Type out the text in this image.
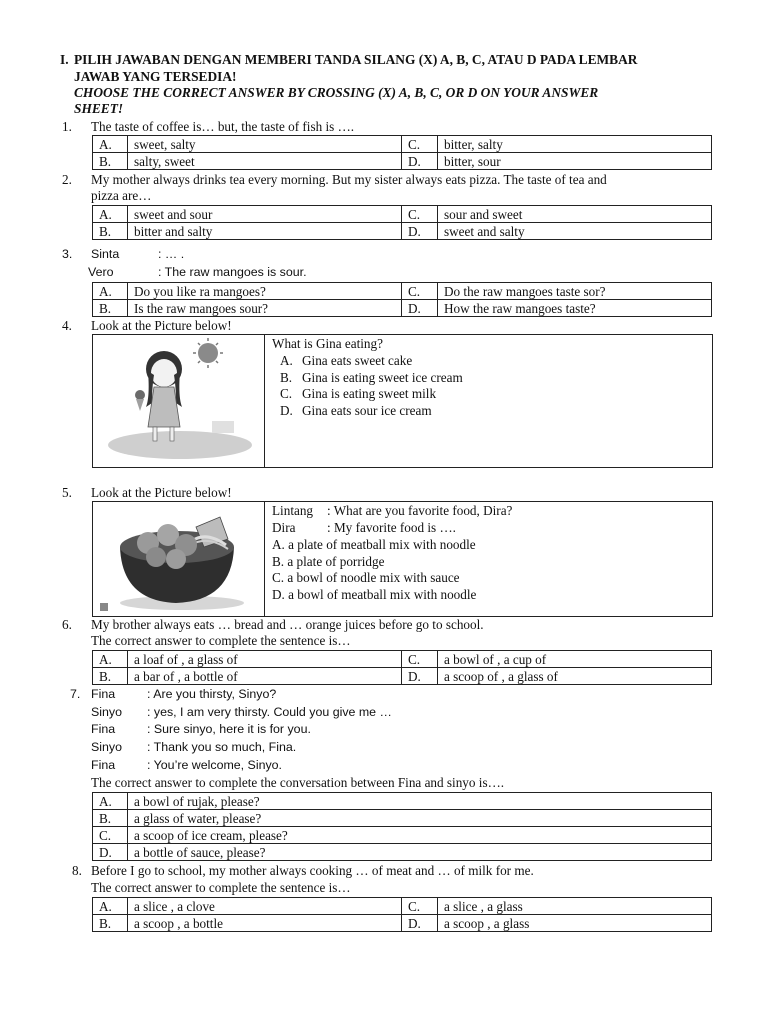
I. PILIH JAWABAN DENGAN MEMBERI TANDA SILANG (X) A, B, C, ATAU D PADA LEMBAR
JAWAB YANG TERSEDIA!
CHOOSE THE CORRECT ANSWER BY CROSSING (X) A, B, C, OR D ON YOUR ANSWER
SHEET!
1. The taste of coffee is… but, the taste of fish is ….
A.	sweet, salty	C.	bitter, salty
B.	salty, sweet	D.	bitter, sour
2. My mother always drinks tea every morning. But my sister always eats pizza. The taste of tea and
pizza are…
A.	sweet and sour	C.	sour and sweet
B.	bitter and salty	D.	sweet and salty
3. Sinta	: … .
Vero	: The raw mangoes is sour.
A.	Do you like ra mangoes?	C.	Do the raw mangoes taste sor?
B.	Is the raw mangoes sour?	D.	How the raw mangoes taste?
4. Look at the Picture below!
What is Gina eating?
A. Gina eats sweet cake
B. Gina is eating sweet ice cream
C. Gina is eating sweet milk
D. Gina eats sour ice cream
5. Look at the Picture below!
Lintang : What are you favorite food, Dira?
Dira : My favorite food is ….
A. a plate of meatball mix with noodle
B. a plate of porridge
C. a bowl of noodle mix with sauce
D. a bowl of meatball mix with noodle
6. My brother always eats … bread and … orange juices before go to school.
The correct answer to complete the sentence is…
A.	a loaf of , a glass of	C.	a bowl of , a cup of
B.	a bar of , a bottle of	D.	a scoop of , a glass of
7. Fina	: Are you thirsty, Sinyo?
Sinyo : yes, I am very thirsty. Could you give me …
Fina	: Sure sinyo, here it is for you.
Sinyo : Thank you so much, Fina.
Fina	: You’re welcome, Sinyo.
The correct answer to complete the conversation between Fina and sinyo is….
A.	a bowl of rujak, please?
B.	a glass of water, please?
C.	a scoop of ice cream, please?
D.	a bottle of sauce, please?
8. Before I go to school, my mother always cooking … of meat and … of milk for me.
The correct answer to complete the sentence is…
A.	a slice , a clove	C.	a slice , a glass
B.	a scoop , a bottle	D.	a scoop , a glass
